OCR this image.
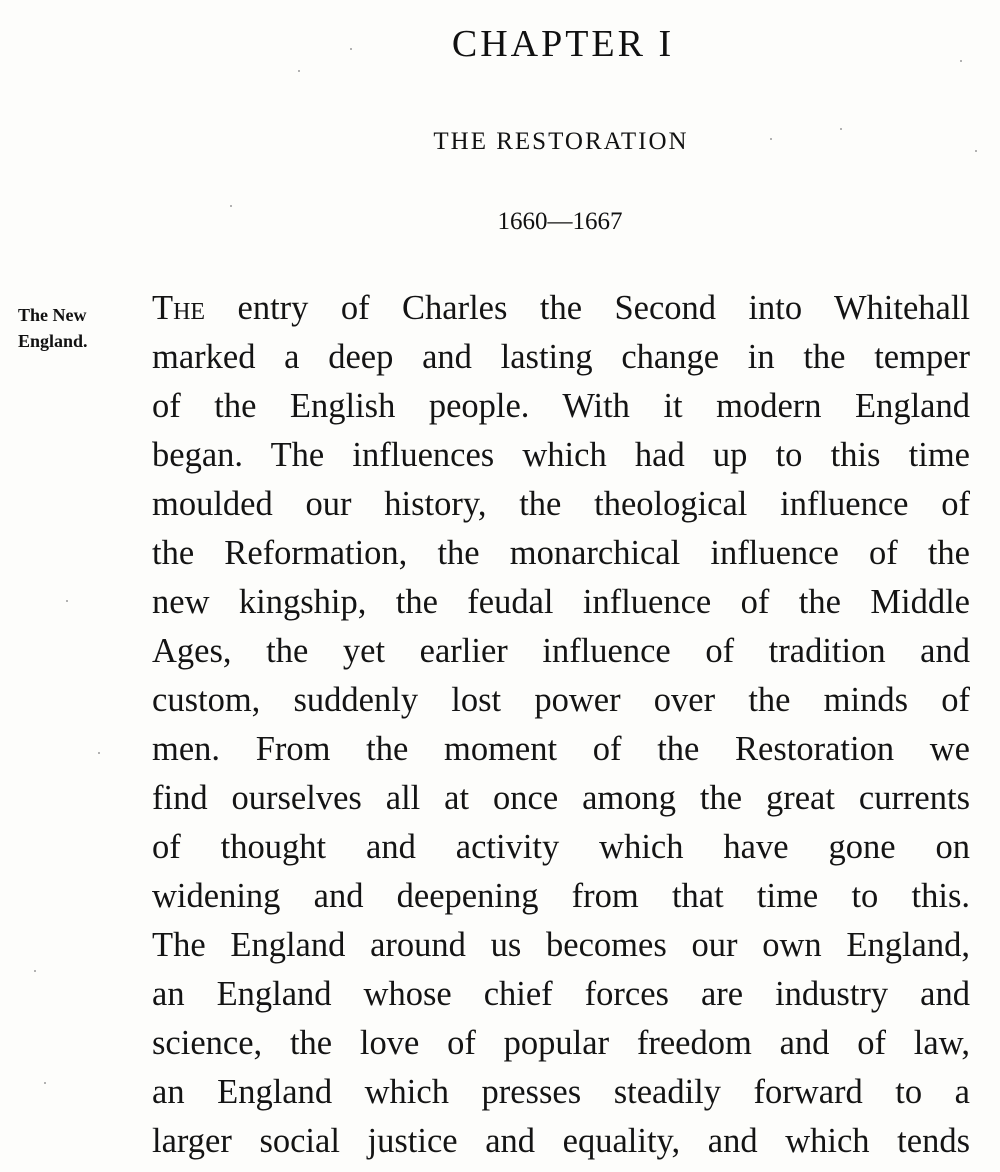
CHAPTER I
THE RESTORATION
1660—1667
The New
England.
The entry of Charles the Second into Whitehall
marked a deep and lasting change in the temper
of the English people. With it modern England
began. The influences which had up to this time
moulded our history, the theological influence of
the Reformation, the monarchical influence of the
new kingship, the feudal influence of the Middle
Ages, the yet earlier influence of tradition and
custom, suddenly lost power over the minds of
men. From the moment of the Restoration we
find ourselves all at once among the great currents
of thought and activity which have gone on
widening and deepening from that time to this.
The England around us becomes our own England,
an England whose chief forces are industry and
science, the love of popular freedom and of law,
an England which presses steadily forward to a
larger social justice and equality, and which tends
